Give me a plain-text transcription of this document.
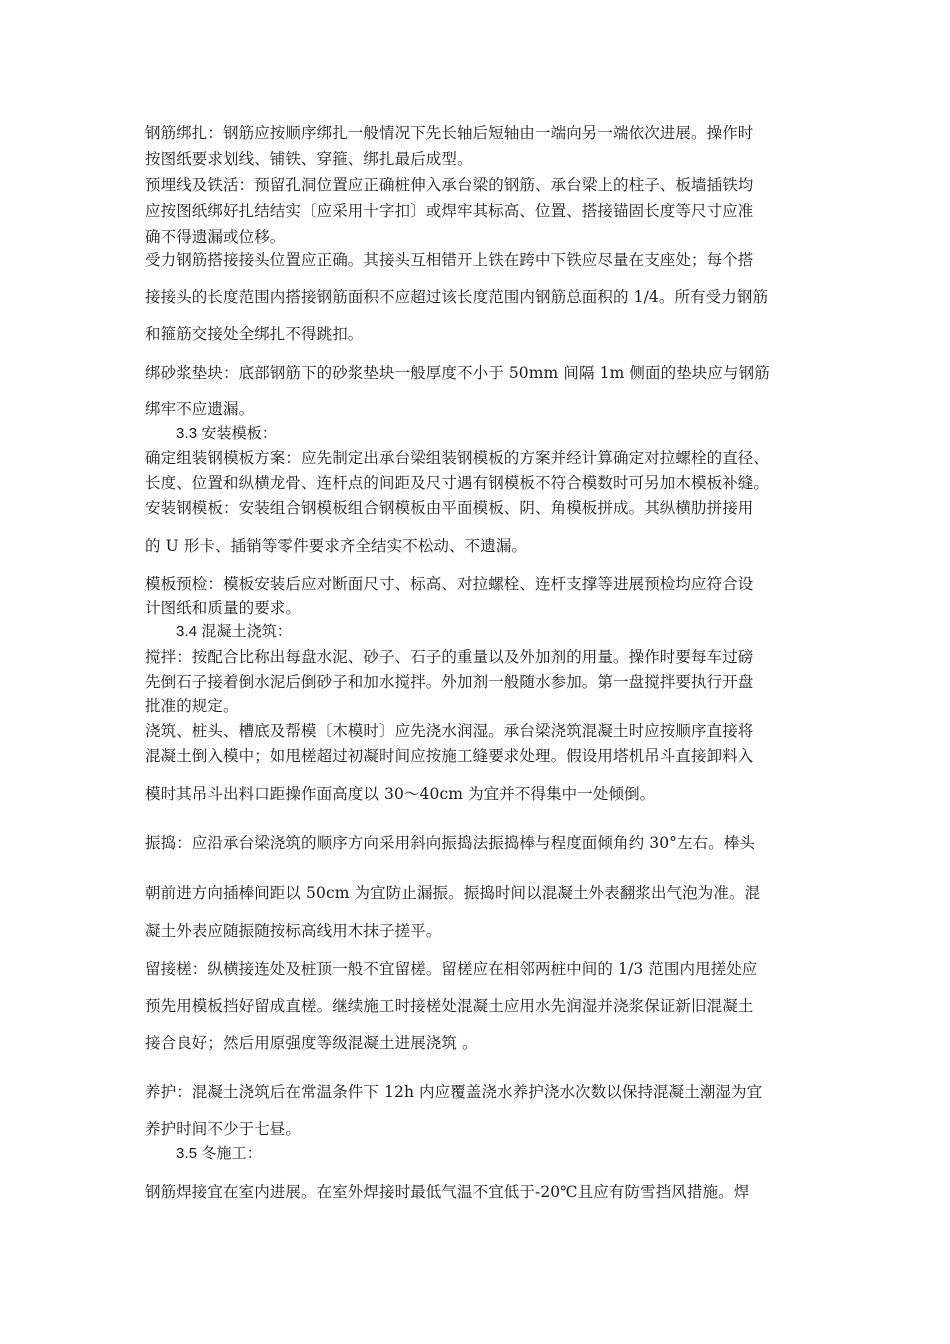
钢筋绑扎：钢筋应按顺序绑扎一般情况下先长轴后短轴由一端向另一端依次进展。操作时
按图纸要求划线、铺铁、穿箍、绑扎最后成型。
预埋线及铁活：预留孔洞位置应正确桩伸入承台梁的钢筋、承台梁上的柱子、板墙插铁均
应按图纸绑好扎结结实〔应采用十字扣〕或焊牢其标高、位置、搭接锚固长度等尺寸应准
确不得遗漏或位移。
受力钢筋搭接接头位置应正确。其接头互相错开上铁在跨中下铁应尽量在支座处；每个搭
接接头的长度范围内搭接钢筋面积不应超过该长度范围内钢筋总面积的 1/4。所有受力钢筋
和箍筋交接处全绑扎不得跳扣。
绑砂浆垫块：底部钢筋下的砂浆垫块一般厚度不小于 50mm 间隔 1m 侧面的垫块应与钢筋
绑牢不应遗漏。
3.3 安装模板：
确定组装钢模板方案：应先制定出承台梁组装钢模板的方案并经计算确定对拉螺栓的直径、
长度、位置和纵横龙骨、连杆点的间距及尺寸遇有钢模板不符合模数时可另加木模板补缝。
安装钢模板：安装组合钢模板组合钢模板由平面模板、阴、角模板拼成。其纵横肋拼接用
的 U 形卡、插销等零件要求齐全结实不松动、不遗漏。
模板预检：模板安装后应对断面尺寸、标高、对拉螺栓、连杆支撑等进展预检均应符合设
计图纸和质量的要求。
3.4 混凝土浇筑：
搅拌：按配合比称出每盘水泥、砂子、石子的重量以及外加剂的用量。操作时要每车过磅
先倒石子接着倒水泥后倒砂子和加水搅拌。外加剂一般随水参加。第一盘搅拌要执行开盘
批准的规定。
浇筑、桩头、槽底及帮模〔木模时〕应先浇水润湿。承台梁浇筑混凝土时应按顺序直接将
混凝土倒入模中；如甩槎超过初凝时间应按施工缝要求处理。假设用塔机吊斗直接卸料入
模时其吊斗出料口距操作面高度以 30～40cm 为宜并不得集中一处倾倒。
振捣：应沿承台梁浇筑的顺序方向采用斜向振捣法振捣棒与程度面倾角约 30°左右。棒头
朝前进方向插棒间距以 50cm 为宜防止漏振。振捣时间以混凝土外表翻浆出气泡为准。混
凝土外表应随振随按标高线用木抹子搓平。
留接槎：纵横接连处及桩顶一般不宜留槎。留槎应在相邻两桩中间的 1/3 范围内甩搓处应
预先用模板挡好留成直槎。继续施工时接槎处混凝土应用水先润湿并浇浆保证新旧混凝土
接合良好；然后用原强度等级混凝土进展浇筑 。
养护：混凝土浇筑后在常温条件下 12h 内应覆盖浇水养护浇水次数以保持混凝土潮湿为宜
养护时间不少于七昼。
3.5 冬施工：
钢筋焊接宜在室内进展。在室外焊接时最低气温不宜低于-20℃且应有防雪挡风措施。焊
